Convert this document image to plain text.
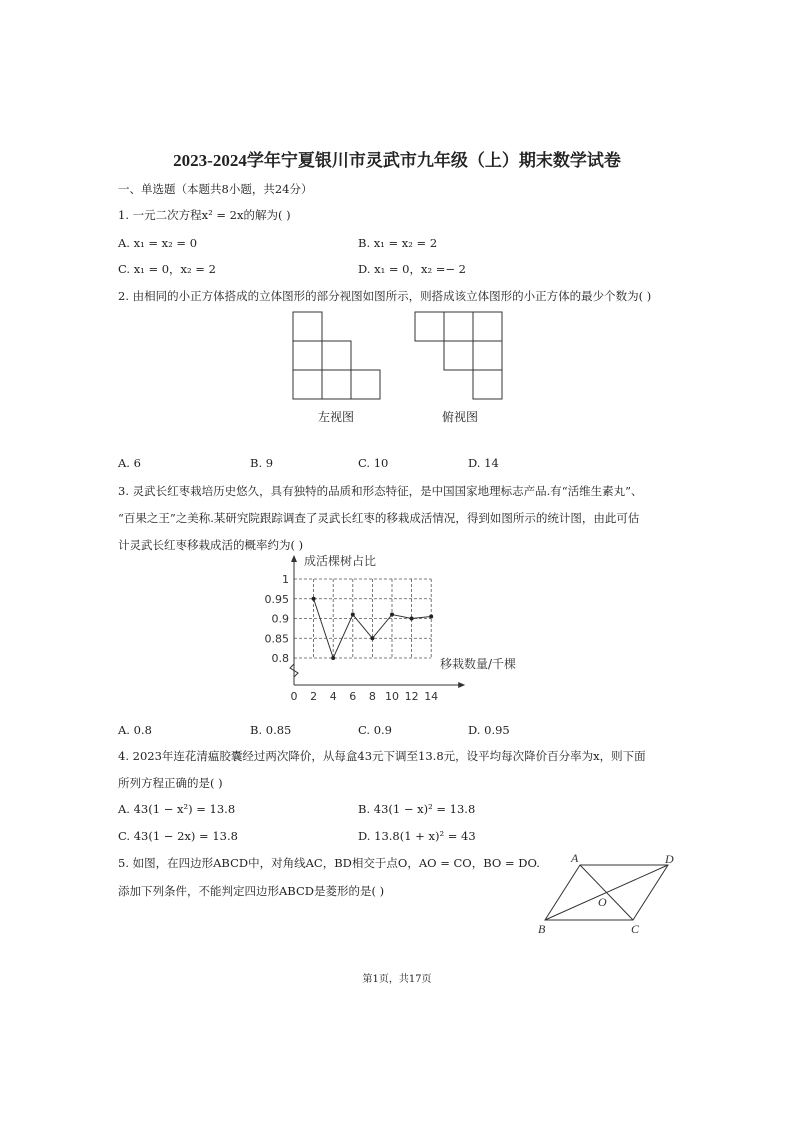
2023-2024学年宁夏银川市灵武市九年级（上）期末数学试卷
一、单选题（本题共8小题，共24分）
1. 一元二次方程x² = 2x的解为( )
A. x₁ = x₂ = 0	B. x₁ = x₂ = 2
C. x₁ = 0，x₂ = 2	D. x₁ = 0，x₂ =− 2
2. 由相同的小正方体搭成的立体图形的部分视图如图所示，则搭成该立体图形的小正方体的最少个数为( )
左视图	俯视图
A. 6	B. 9	C. 10	D. 14
3. 灵武长红枣栽培历史悠久，具有独特的品质和形态特征，是中国国家地理标志产品.有“活维生素丸”、
“百果之王”之美称.某研究院跟踪调查了灵武长红枣的移栽成活情况，得到如图所示的统计图，由此可估
计灵武长红枣移栽成活的概率约为( )
0 2 4 6 8 10 12 14
0.8
0.85
0.9
0.95
1
成活棵树占比
移栽数量/千棵
A. 0.8	B. 0.85	C. 0.9	D. 0.95
4. 2023年连花清瘟胶囊经过两次降价，从每盒43元下调至13.8元，设平均每次降价百分率为x，则下面
所列方程正确的是( )
A. 43(1 − x²) = 13.8	B. 43(1 − x)² = 13.8
C. 43(1 − 2x) = 13.8	D. 13.8(1 + x)² = 43
5. 如图，在四边形ABCD中，对角线AC，BD相交于点O，AO = CO，BO = DO.
添加下列条件，不能判定四边形ABCD是菱形的是( )
A
B	C
D
O
第1页，共17页
